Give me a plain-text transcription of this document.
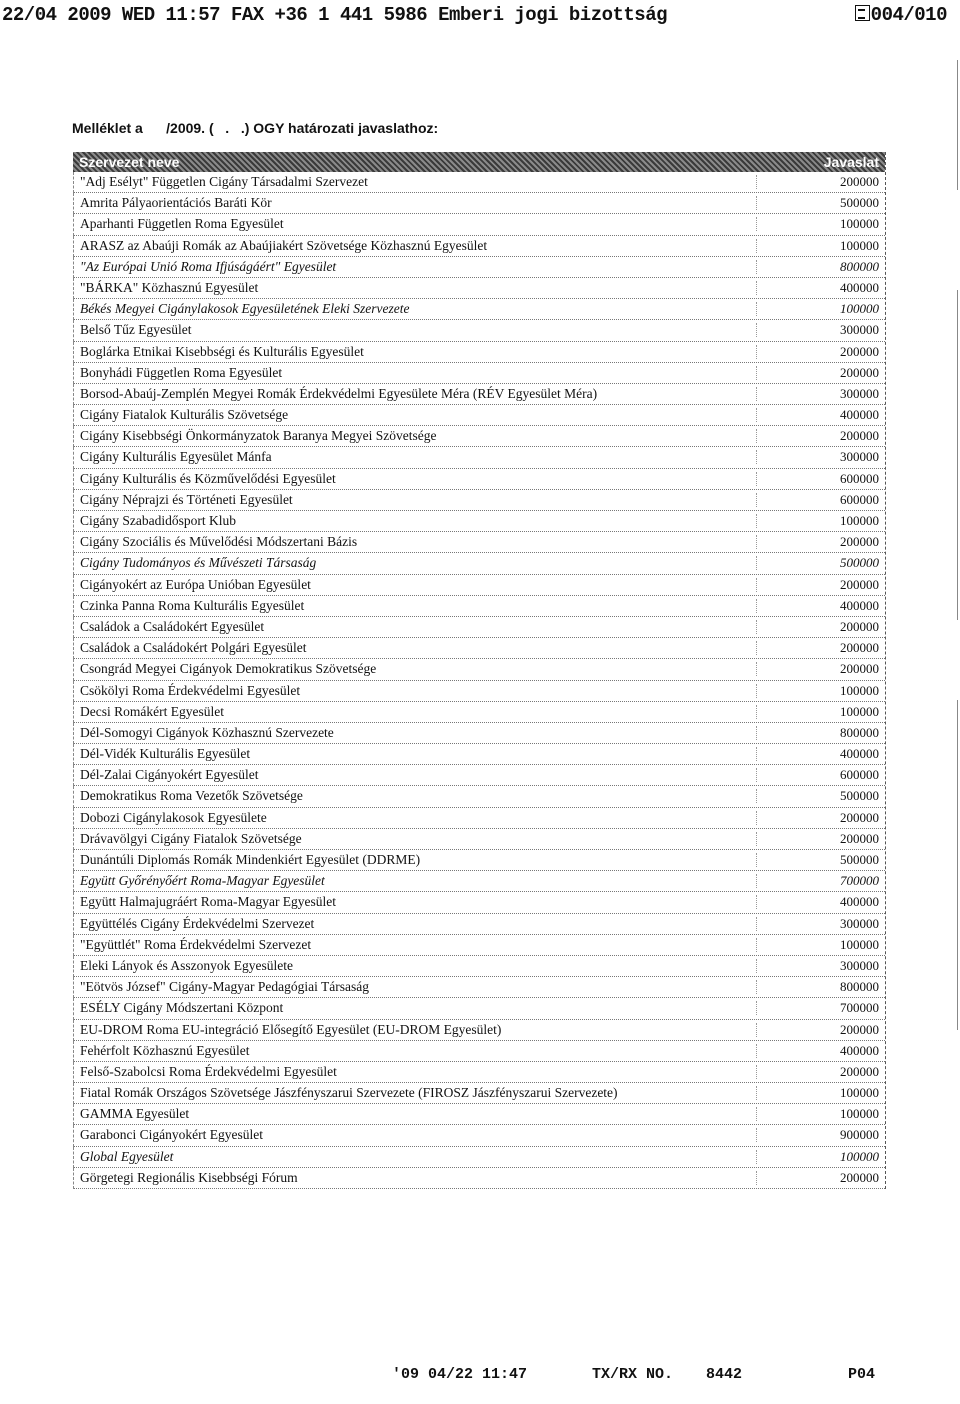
22/04 2009 WED 11:57 FAX +36 1 441 5986 Emberi jogi bizottság	004/010
Melléklet a      /2009. (   .   .) OGY határozati javaslathoz:
Szervezet neve	Javaslat
"Adj Esélyt" Független Cigány Társadalmi Szervezet	200000
Amrita Pályaorientációs Baráti Kör	500000
Aparhanti Független Roma Egyesület	100000
ARASZ az Abaúji Romák az Abaújiakért Szövetsége Közhasznú Egyesület	100000
"Az Európai Unió Roma Ifjúságáért" Egyesület	800000
"BÁRKA" Közhasznú Egyesület	400000
Békés Megyei Cigánylakosok Egyesületének Eleki Szervezete	100000
Belső Tűz Egyesület	300000
Boglárka Etnikai Kisebbségi és Kulturális Egyesület	200000
Bonyhádi Független Roma Egyesület	200000
Borsod-Abaúj-Zemplén Megyei Romák Érdekvédelmi Egyesülete Méra (RÉV Egyesület Méra)	300000
Cigány Fiatalok Kulturális Szövetsége	400000
Cigány Kisebbségi Önkormányzatok Baranya Megyei Szövetsége	200000
Cigány Kulturális Egyesület Mánfa	300000
Cigány Kulturális és Közművelődési Egyesület	600000
Cigány Néprajzi és Történeti Egyesület	600000
Cigány Szabadidősport Klub	100000
Cigány Szociális és Művelődési Módszertani Bázis	200000
Cigány Tudományos és Művészeti Társaság	500000
Cigányokért az Európa Unióban Egyesület	200000
Czinka Panna Roma Kulturális Egyesület	400000
Családok a Családokért Egyesület	200000
Családok a Családokért Polgári Egyesület	200000
Csongrád Megyei Cigányok Demokratikus Szövetsége	200000
Csökölyi Roma Érdekvédelmi Egyesület	100000
Decsi Romákért Egyesület	100000
Dél-Somogyi Cigányok Közhasznú Szervezete	800000
Dél-Vidék Kulturális Egyesület	400000
Dél-Zalai Cigányokért Egyesület	600000
Demokratikus Roma Vezetők Szövetsége	500000
Dobozi Cigánylakosok Egyesülete	200000
Drávavölgyi Cigány Fiatalok Szövetsége	200000
Dunántúli Diplomás Romák Mindenkiért Egyesület (DDRME)	500000
Együtt Győrényőért Roma-Magyar Egyesület	700000
Együtt Halmajugráért Roma-Magyar Egyesület	400000
Együttélés Cigány Érdekvédelmi Szervezet	300000
"Együttlét" Roma Érdekvédelmi Szervezet	100000
Eleki Lányok és Asszonyok Egyesülete	300000
"Eötvös József" Cigány-Magyar Pedagógiai Társaság	800000
ESÉLY Cigány Módszertani Központ	700000
EU-DROM Roma EU-integráció Elősegítő Egyesület (EU-DROM Egyesület)	200000
Fehérfolt Közhasznú Egyesület	400000
Felső-Szabolcsi Roma Érdekvédelmi Egyesület	200000
Fiatal Romák Országos Szövetsége Jászfényszarui Szervezete (FIROSZ Jászfényszarui Szervezete)	100000
GAMMA Egyesület	100000
Garabonci Cigányokért Egyesület	900000
Global Egyesület	100000
Görgetegi Regionális Kisebbségi Fórum	200000
'09 04/22 11:47	TX/RX NO. 8442	P04
